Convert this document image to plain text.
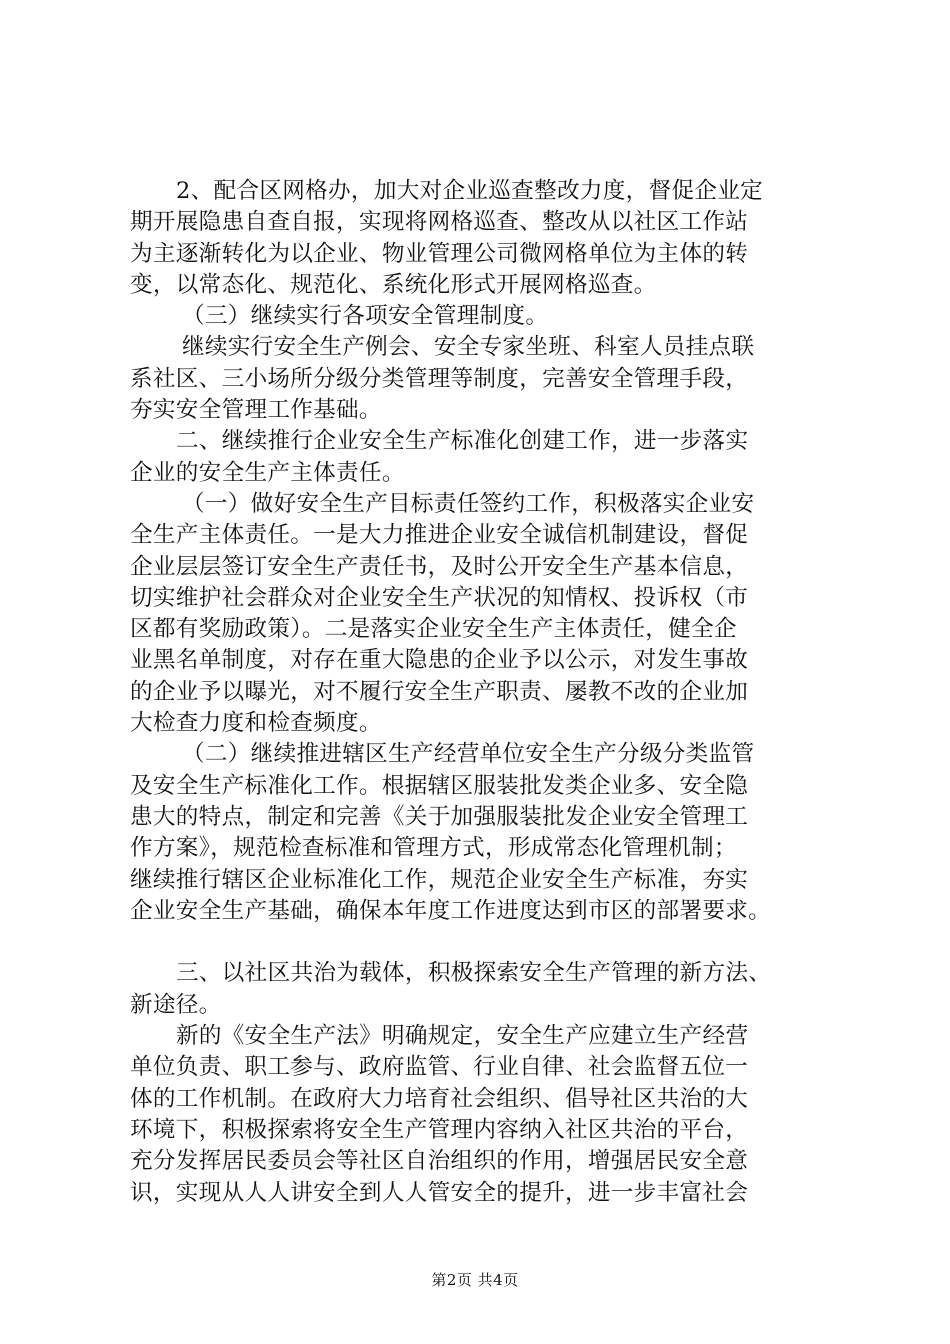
2、配合区网格办，加大对企业巡查整改力度，督促企业定
期开展隐患自查自报，实现将网格巡查、整改从以社区工作站
为主逐渐转化为以企业、物业管理公司微网格单位为主体的转
变，以常态化、规范化、系统化形式开展网格巡查。
（三）继续实行各项安全管理制度。
继续实行安全生产例会、安全专家坐班、科室人员挂点联
系社区、三小场所分级分类管理等制度，完善安全管理手段，
夯实安全管理工作基础。
二、继续推行企业安全生产标准化创建工作，进一步落实
企业的安全生产主体责任。
（一）做好安全生产目标责任签约工作，积极落实企业安
全生产主体责任。一是大力推进企业安全诚信机制建设，督促
企业层层签订安全生产责任书，及时公开安全生产基本信息，
切实维护社会群众对企业安全生产状况的知情权、投诉权（市
区都有奖励政策）。二是落实企业安全生产主体责任，健全企
业黑名单制度，对存在重大隐患的企业予以公示，对发生事故
的企业予以曝光，对不履行安全生产职责、屡教不改的企业加
大检查力度和检查频度。
（二）继续推进辖区生产经营单位安全生产分级分类监管
及安全生产标准化工作。根据辖区服装批发类企业多、安全隐
患大的特点，制定和完善《关于加强服装批发企业安全管理工
作方案》，规范检查标准和管理方式，形成常态化管理机制；
继续推行辖区企业标准化工作，规范企业安全生产标准，夯实
企业安全生产基础，确保本年度工作进度达到市区的部署要求。
三、以社区共治为载体，积极探索安全生产管理的新方法、
新途径。
新的《安全生产法》明确规定，安全生产应建立生产经营
单位负责、职工参与、政府监管、行业自律、社会监督五位一
体的工作机制。在政府大力培育社会组织、倡导社区共治的大
环境下，积极探索将安全生产管理内容纳入社区共治的平台，
充分发挥居民委员会等社区自治组织的作用，增强居民安全意
识，实现从人人讲安全到人人管安全的提升，进一步丰富社会
第2页 共4页
